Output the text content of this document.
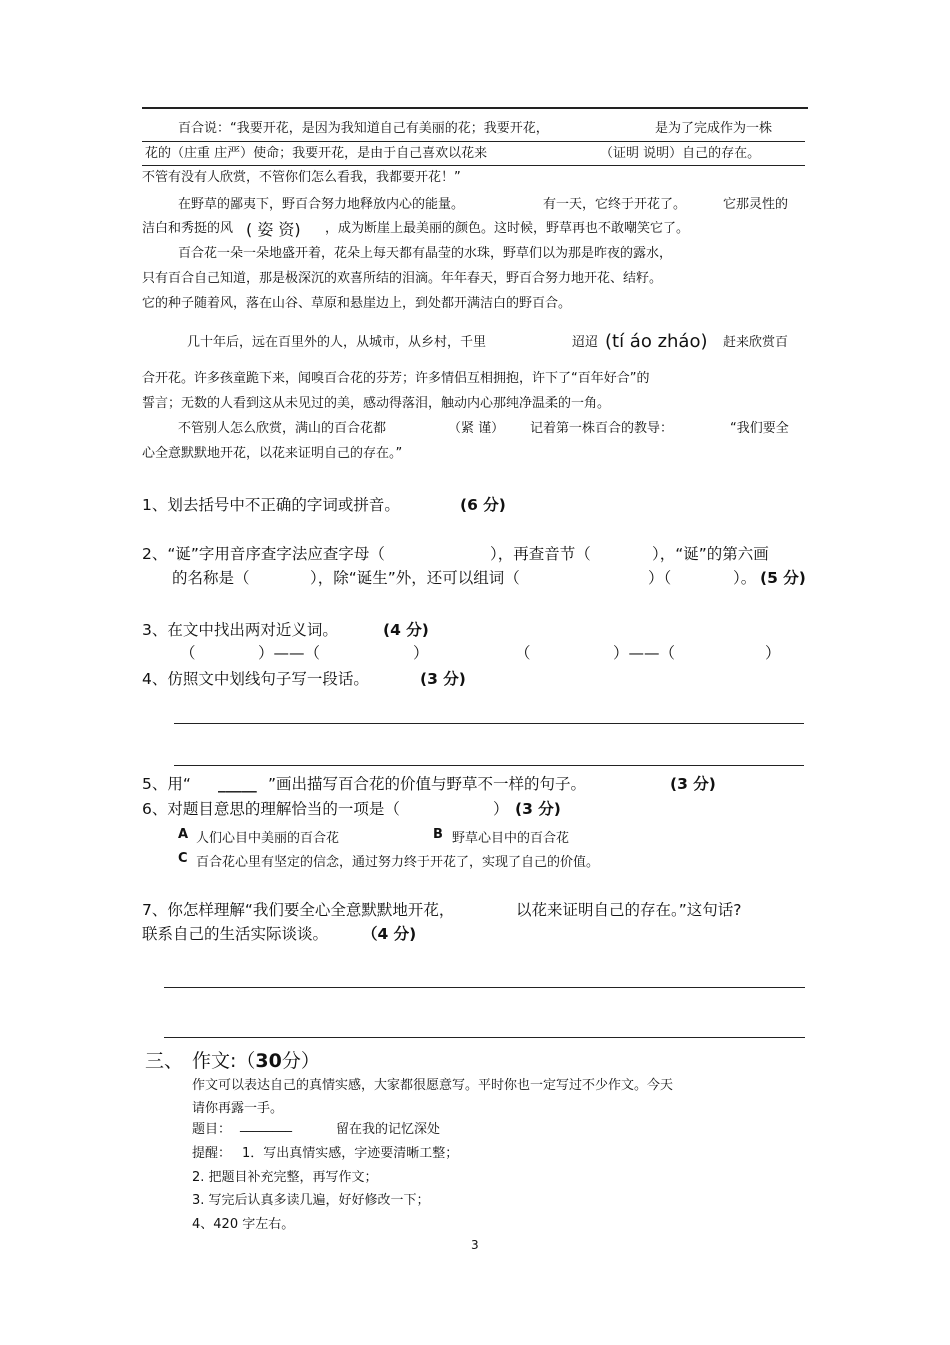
百合说：“我要开花，是因为我知道自己有美丽的花；我要开花，	是为了完成作为一株
花的（庄重 庄严）使命；我要开花，是由于自己喜欢以花来	（证明 说明）自己的存在。
不管有没有人欣赏，不管你们怎么看我，我都要开花！”
在野草的鄙夷下，野百合努力地释放内心的能量。	有一天，它终于开花了。	它那灵性的
洁白和秀挺的风 ( 姿 资) ，成为断崖上最美丽的颜色。这时候，野草再也不敢嘲笑它了。
百合花一朵一朵地盛开着，花朵上每天都有晶莹的水珠，野草们以为那是昨夜的露水，
只有百合自己知道，那是极深沉的欢喜所结的泪滴。年年春天，野百合努力地开花、结籽。
它的种子随着风，落在山谷、草原和悬崖边上，到处都开满洁白的野百合。
几十年后，远在百里外的人，从城市，从乡村，千里	迢迢 (tí áo zháo) 赶来欣赏百
合开花。许多孩童跪下来，闻嗅百合花的芬芳；许多情侣互相拥抱，许下了“百年好合”的
誓言；无数的人看到这从未见过的美，感动得落泪，触动内心那纯净温柔的一角。
不管别人怎么欣赏，满山的百合花都	（紧 谨） 记着第一株百合的教导：	“我们要全
心全意默默地开花，以花来证明自己的存在。”
1、划去括号中不正确的字词或拼音。	(6 分)
2、“诞”字用音序查字法应查字母（	），再查音节（	），“诞”的第六画
的名称是（	），除“诞生”外，还可以组词（	）（	）。 (5 分)
3、在文中找出两对近义词。	(4 分)
（	）——（	）	（	）——（	）
4、仿照文中划线句子写一段话。	(3 分)
5、用“ _____ ”画出描写百合花的价值与野草不一样的句子。	(3 分)
6、对题目意思的理解恰当的一项是（	） (3 分)
A 人们心目中美丽的百合花	B 野草心目中的百合花
C 百合花心里有坚定的信念，通过努力终于开花了，实现了自己的价值。
7、你怎样理解“我们要全心全意默默地开花，	以花来证明自己的存在。”这句话?
联系自己的生活实际谈谈。 （4 分)
三、 作文:（30分）
作文可以表达自己的真情实感，大家都很愿意写。平时你也一定写过不少作文。今天
请你再露一手。
题目： ________	留在我的记忆深处
提醒： 1．写出真情实感，字迹要清晰工整；
2. 把题目补充完整，再写作文；
3. 写完后认真多读几遍，好好修改一下；
4、420 字左右。
3
